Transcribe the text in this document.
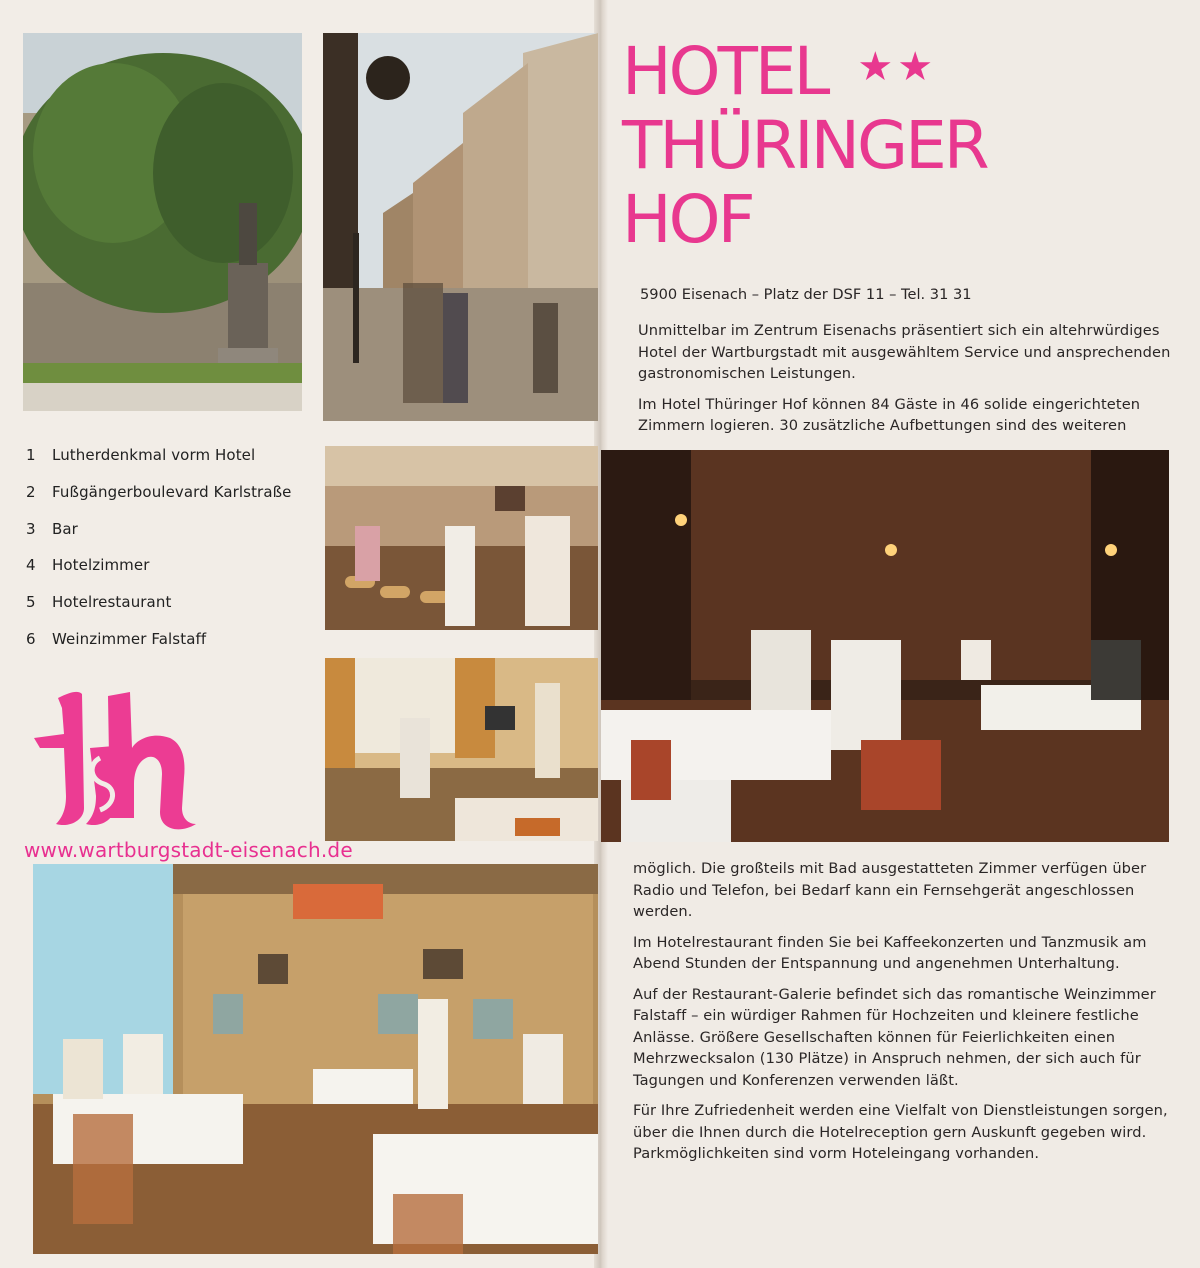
1 Lutherdenkmal vorm Hotel
2 Fußgängerboulevard Karlstraße
3 Bar
4 Hotelzimmer
5 Hotelrestaurant
6 Weinzimmer Falstaff
www.wartburgstadt-eisenach.de
HOTEL ★★
THÜRINGER
HOF
5900 Eisenach – Platz der DSF 11 – Tel. 31 31

Unmittelbar im Zentrum Eisenachs präsentiert sich ein altehrwürdiges Hotel der Wartburgstadt mit ausgewähltem Service und ansprechenden gastronomischen Leistungen.

Im Hotel Thüringer Hof können 84 Gäste in 46 solide eingerichteten Zimmern logieren. 30 zusätzliche Aufbettungen sind des weiteren

möglich. Die großteils mit Bad ausgestatteten Zimmer verfügen über Radio und Telefon, bei Bedarf kann ein Fernsehgerät angeschlossen werden.

Im Hotelrestaurant finden Sie bei Kaffeekonzerten und Tanzmusik am Abend Stunden der Entspannung und angenehmen Unterhaltung.

Auf der Restaurant-Galerie befindet sich das romantische Weinzimmer Falstaff – ein würdiger Rahmen für Hochzeiten und kleinere festliche Anlässe. Größere Gesellschaften können für Feierlichkeiten einen Mehrzwecksalon (130 Plätze) in Anspruch nehmen, der sich auch für Tagungen und Konferenzen verwenden läßt.

Für Ihre Zufriedenheit werden eine Vielfalt von Dienstleistungen sorgen, über die Ihnen durch die Hotelreception gern Auskunft gegeben wird. Parkmöglichkeiten sind vorm Hoteleingang vorhanden.
